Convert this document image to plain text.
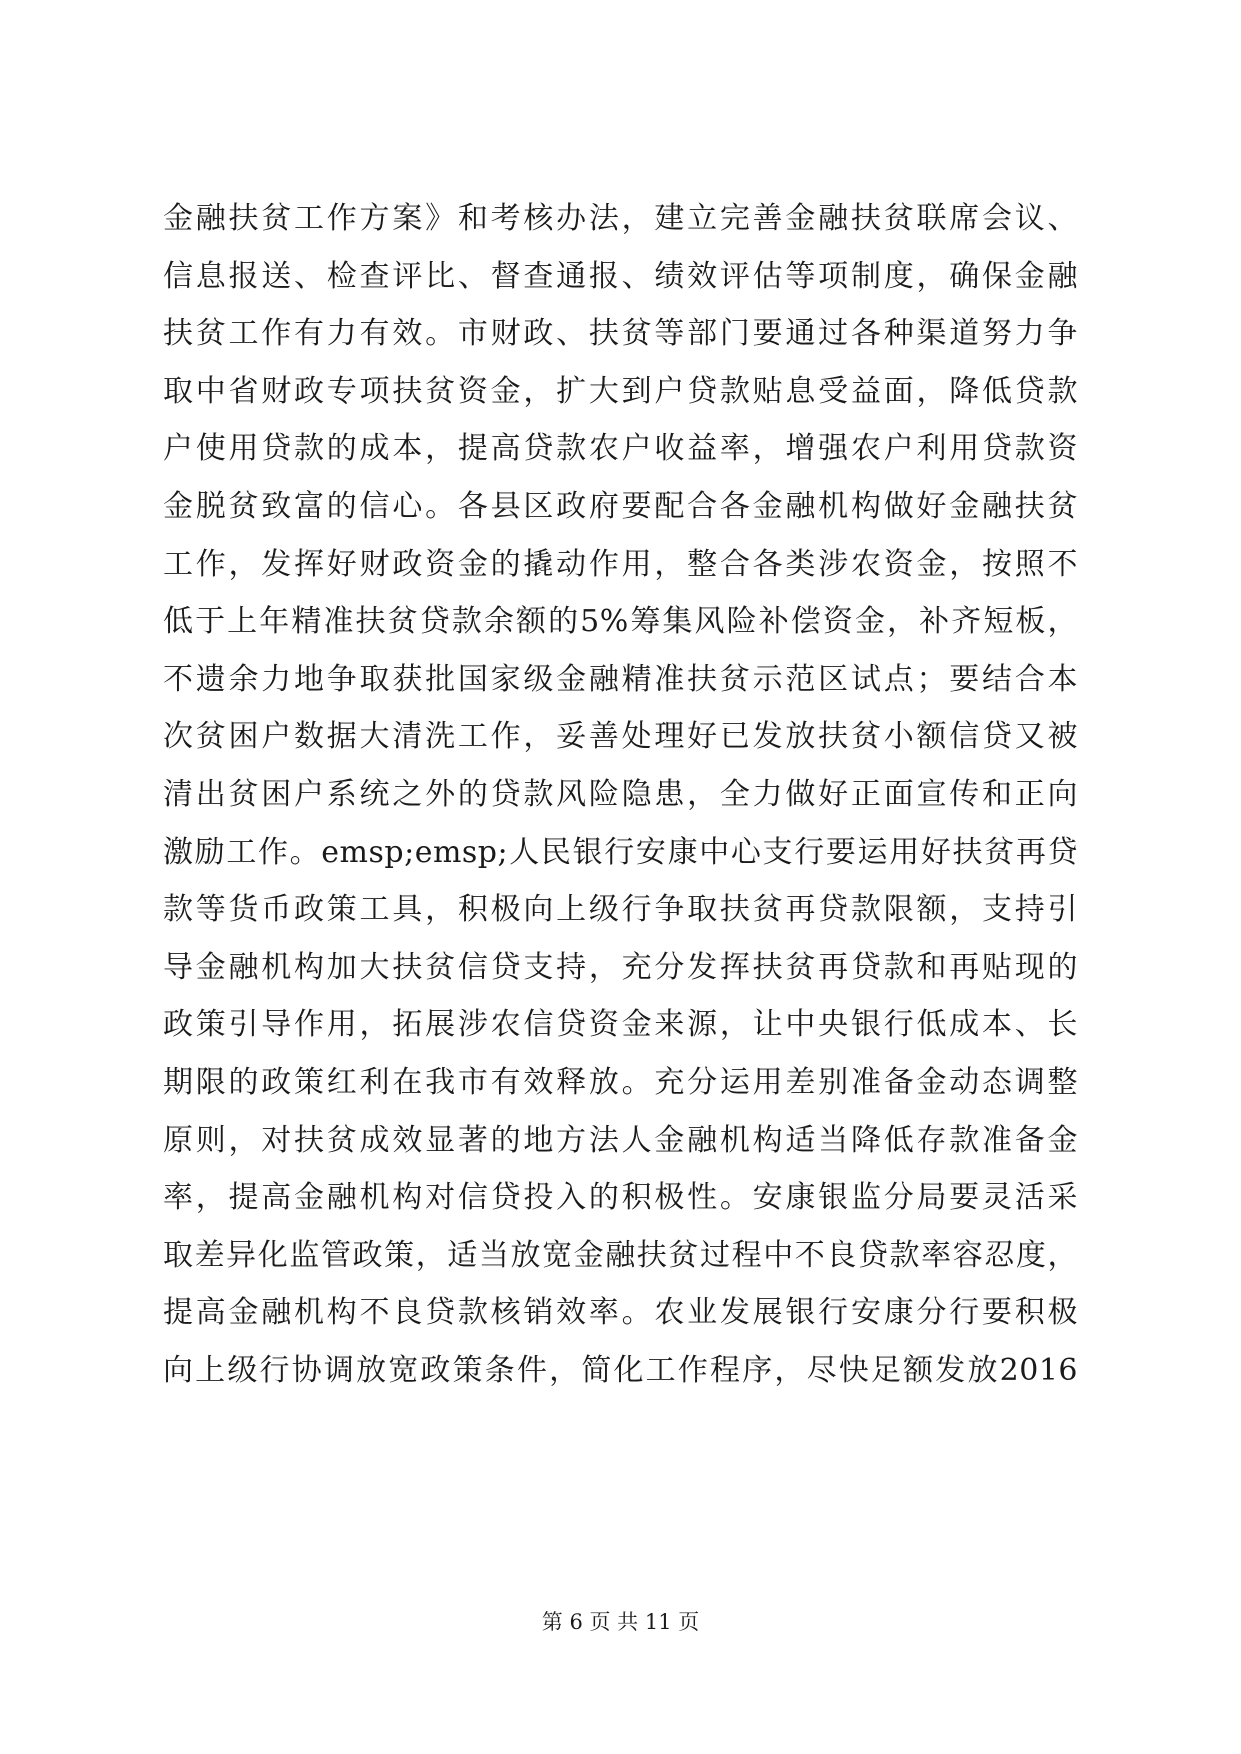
金融扶贫工作方案》和考核办法，建立完善金融扶贫联席会议、
信息报送、检查评比、督查通报、绩效评估等项制度，确保金融
扶贫工作有力有效。市财政、扶贫等部门要通过各种渠道努力争
取中省财政专项扶贫资金，扩大到户贷款贴息受益面，降低贷款
户使用贷款的成本，提高贷款农户收益率，增强农户利用贷款资
金脱贫致富的信心。各县区政府要配合各金融机构做好金融扶贫
工作，发挥好财政资金的撬动作用，整合各类涉农资金，按照不
低于上年精准扶贫贷款余额的5%筹集风险补偿资金，补齐短板，
不遗余力地争取获批国家级金融精准扶贫示范区试点；要结合本
次贫困户数据大清洗工作，妥善处理好已发放扶贫小额信贷又被
清出贫困户系统之外的贷款风险隐患，全力做好正面宣传和正向
激励工作。emsp;emsp;人民银行安康中心支行要运用好扶贫再贷
款等货币政策工具，积极向上级行争取扶贫再贷款限额，支持引
导金融机构加大扶贫信贷支持，充分发挥扶贫再贷款和再贴现的
政策引导作用，拓展涉农信贷资金来源，让中央银行低成本、长
期限的政策红利在我市有效释放。充分运用差别准备金动态调整
原则，对扶贫成效显著的地方法人金融机构适当降低存款准备金
率，提高金融机构对信贷投入的积极性。安康银监分局要灵活采
取差异化监管政策，适当放宽金融扶贫过程中不良贷款率容忍度，
提高金融机构不良贷款核销效率。农业发展银行安康分行要积极
向上级行协调放宽政策条件，简化工作程序，尽快足额发放2016
第 6 页 共 11 页
